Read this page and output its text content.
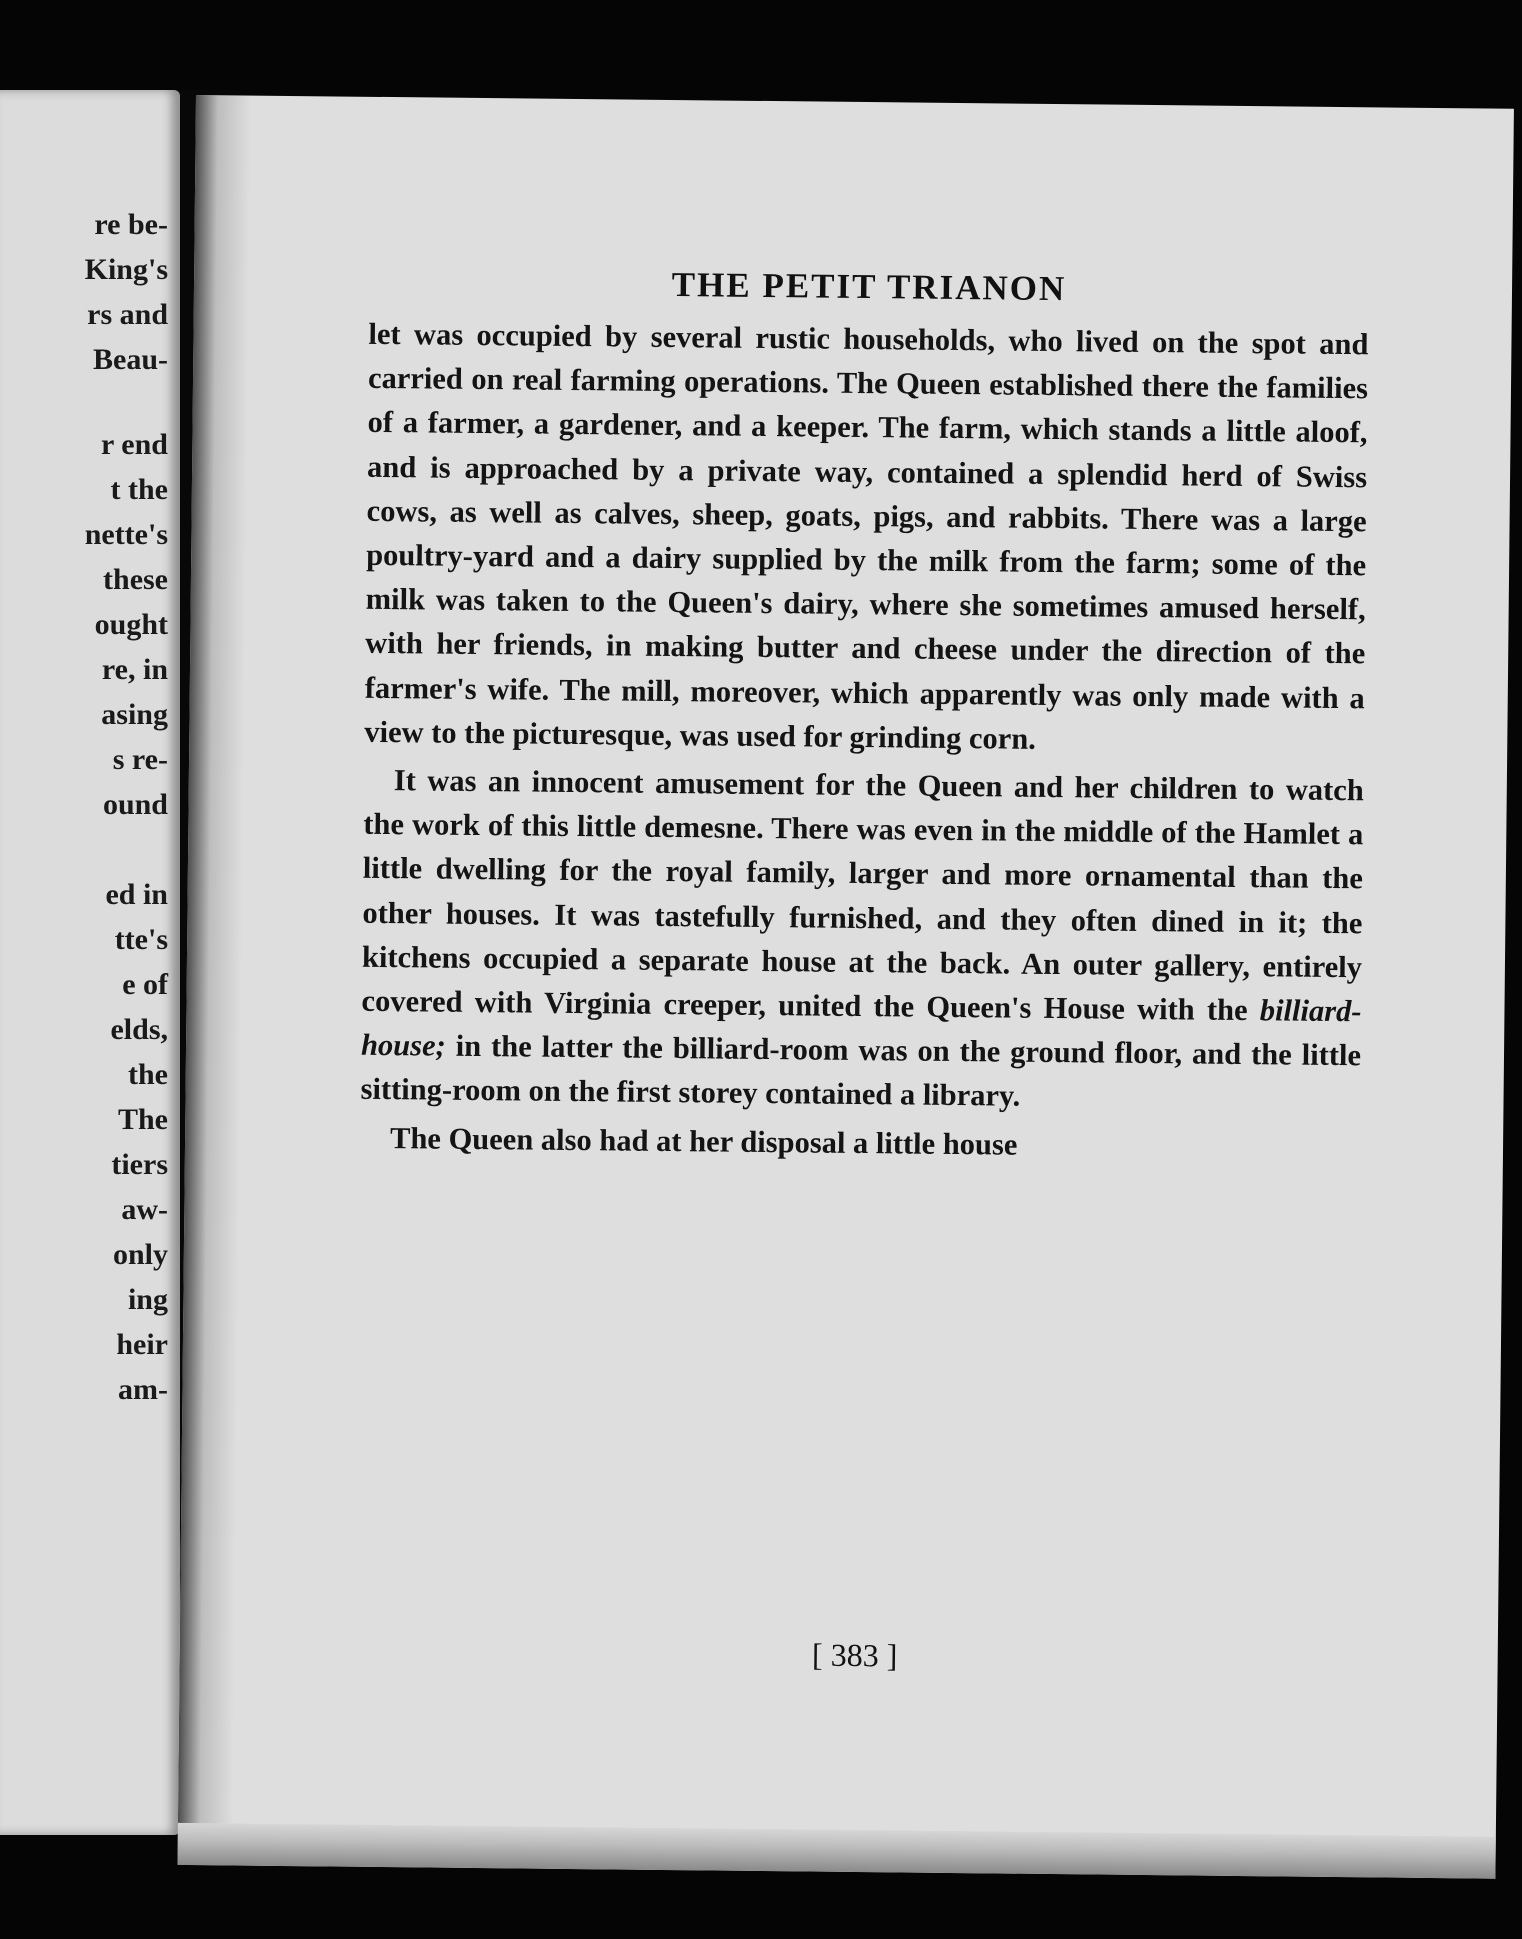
re be-

King's

rs and

Beau-

r end

t the

nette's

these

ought

re, in

asing

s re-

ound

ed in

tte's

e of

elds,

the

The

tiers

aw-

only

ing

heir

am-

THE PETIT TRIANON

let was occupied by several rustic households, who lived on the spot and carried on real farming operations. The Queen established there the families of a farmer, a gardener, and a keeper. The farm, which stands a little aloof, and is approached by a private way, contained a splendid herd of Swiss cows, as well as calves, sheep, goats, pigs, and rabbits. There was a large poultry-yard and a dairy supplied by the milk from the farm; some of the milk was taken to the Queen's dairy, where she sometimes amused herself, with her friends, in making butter and cheese under the direction of the farmer's wife. The mill, moreover, which apparently was only made with a view to the picturesque, was used for grinding corn.

It was an innocent amusement for the Queen and her children to watch the work of this little demesne. There was even in the middle of the Hamlet a little dwelling for the royal family, larger and more ornamental than the other houses. It was tastefully furnished, and they often dined in it; the kitchens occupied a separate house at the back. An outer gallery, entirely covered with Virginia creeper, united the Queen's House with the billiard-house; in the latter the billiard-room was on the ground floor, and the little sitting-room on the first storey contained a library.

The Queen also had at her disposal a little house

[ 383 ]
